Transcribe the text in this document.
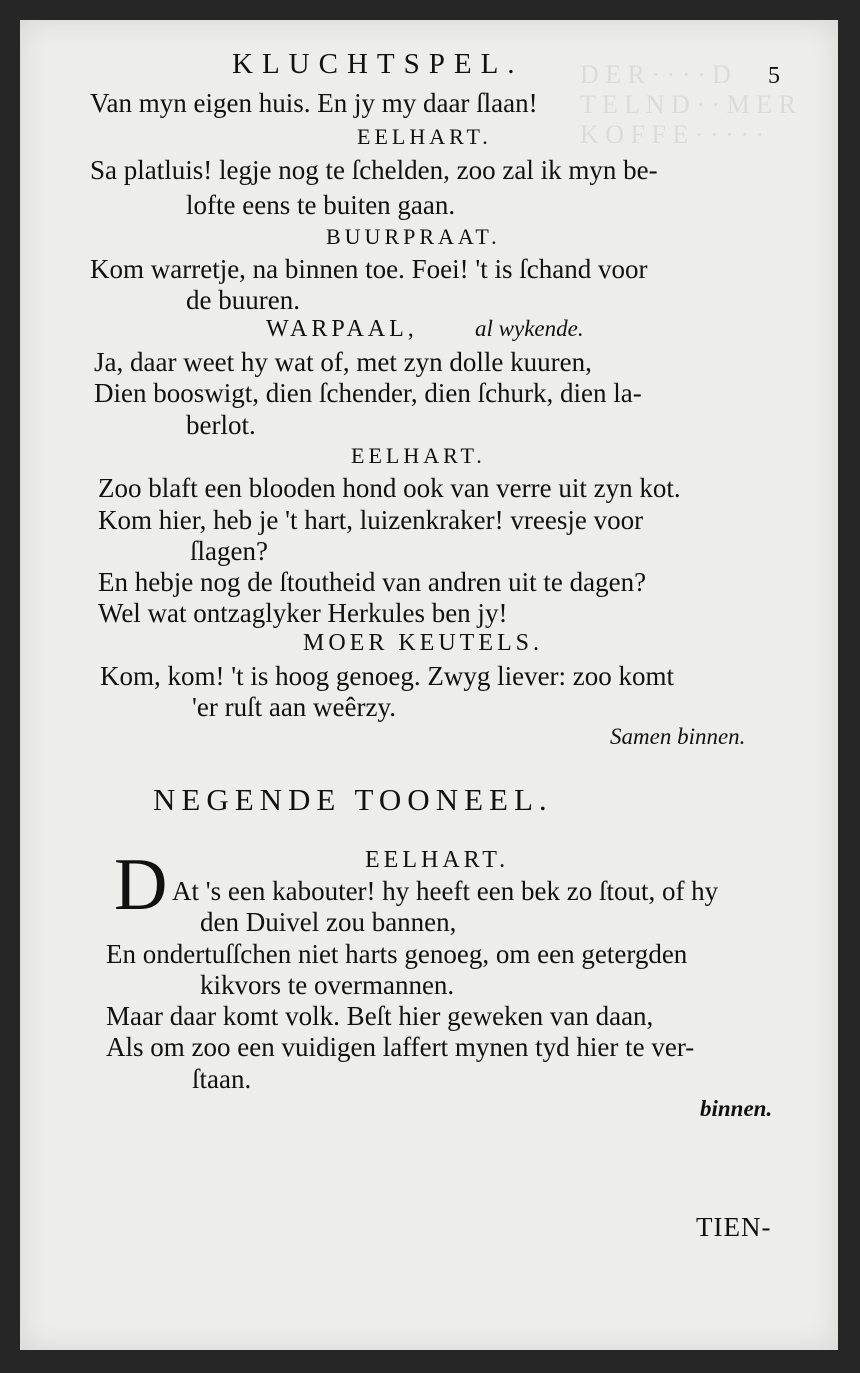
D E R · · · · D
T E L N D · · M E R
K O F F E · · · · ·
KLUCHTSPEL.	5
Van myn eigen huis. En jy my daar ſlaan!
EELHART.
Sa platluis! legje nog te ſchelden, zoo zal ik myn be-
lofte eens te buiten gaan.
BUURPRAAT.
Kom warretje, na binnen toe. Foei! 't is ſchand voor
de buuren.
WARPAAL, al wykende.
Ja, daar weet hy wat of, met zyn dolle kuuren,
Dien booswigt, dien ſchender, dien ſchurk, dien la-
berlot.
EELHART.
Zoo blaft een blooden hond ook van verre uit zyn kot.
Kom hier, heb je 't hart, luizenkraker! vreesje voor
ſlagen?
En hebje nog de ſtoutheid van andren uit te dagen?
Wel wat ontzaglyker Herkules ben jy!
MOER KEUTELS.
Kom, kom! 't is hoog genoeg. Zwyg liever: zoo komt
'er ruſt aan weêrzy.
Samen binnen.
NEGENDE TOONEEL.
EELHART.
D At 's een kabouter! hy heeft een bek zo ſtout, of hy
den Duivel zou bannen,
En ondertuſſchen niet harts genoeg, om een getergden
kikvors te overmannen.
Maar daar komt volk. Beſt hier geweken van daan,
Als om zoo een vuidigen laffert mynen tyd hier te ver-
ſtaan.
binnen.
TIEN-
